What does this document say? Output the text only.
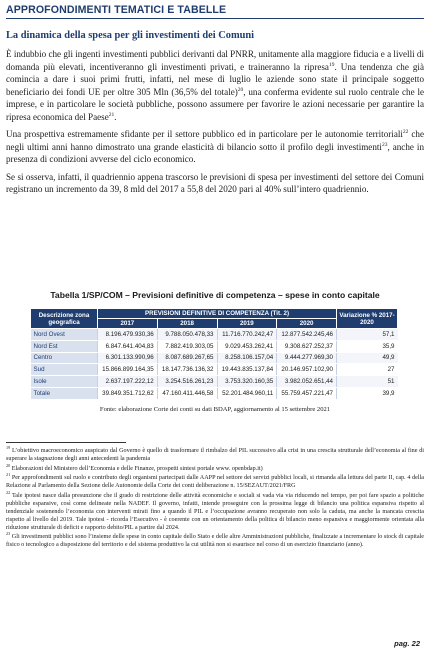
APPROFONDIMENTI TEMATICI E TABELLE
La dinamica della spesa per gli investimenti dei Comuni

È indubbio che gli ingenti investimenti pubblici derivanti dal PNRR, unitamente alla maggiore fiducia e a livelli di domanda più elevati, incentiveranno gli investimenti privati, e traineranno la ripresa$^{19}$. Una tendenza che già comincia a dare i suoi primi frutti, infatti, nel mese di luglio le aziende sono state il principale soggetto beneficiario dei fondi UE per oltre 305 Mln (36,5% del totale)$^{20}$, una conferma evidente sul ruolo centrale che le imprese, e in particolare le società pubbliche, possono assumere per favorire le azioni necessarie per garantire la ripresa economica del Paese$^{21}$.

Una prospettiva estremamente sfidante per il settore pubblico ed in particolare per le autonomie territoriali$^{22}$ che negli ultimi anni hanno dimostrato una grande elasticità di bilancio sotto il profilo degli investimenti$^{23}$, anche in presenza di condizioni avverse del ciclo economico.

Se si osserva, infatti, il quadriennio appena trascorso le previsioni di spesa per investimenti del settore dei Comuni registrano un incremento da 39, 8 mld del 2017 a 55,8 del 2020 pari al 40% sull’intero quadriennio.

Tabella 1/SP/COM – Previsioni definitive di competenza – spese in conto capitale
Descrizione zona geografica	PREVISIONI DEFINITIVE DI COMPETENZA (Tit. 2)				Variazione % 2017-2020
	2017	2018	2019	2020	
Nord Ovest	8.196.479.930,36	9.788.050.478,33	11.716.770.242,47	12.877.542.245,46	57,1
Nord Est	6.847.641.404,83	7.882.419.303,05	9.029.453.262,41	9.308.627.252,37	35,9
Centro	6.301.133.990,96	8.087.689.267,65	8.258.106.157,04	9.444.277.969,30	49,9
Sud	15.866.899.164,35	18.147.736.136,32	19.443.835.137,84	20.146.957.102,90	27
Isole	2.637.197.222,12	3.254.516.261,23	3.753.320.160,35	3.982.052.651,44	51
Totale	39.849.351.712,62	47.160.411.446,58	52.201.484.960,11	55.759.457.221,47	39,9
Fonte: elaborazione Corte dei conti su dati BDAP, aggiornamento al 15 settembre 2021

$^{19}$ L’obiettivo macroeconomico auspicato dal Governo è quello di trasformare il rimbalzo del PIL successivo alla crisi in una crescita strutturale dell’economia al fine di superare la stagnazione degli anni antecedenti la pandemia

$^{20}$ Elaborazioni del Ministero dell’Economia e delle Finanze, prospetti sintesi portale www. openbdap.it)

$^{21}$ Per approfondimenti sul ruolo e contributo degli organismi partecipati dalle AAPP nel settore dei servizi pubblici locali, si rimanda alla lettura del parte II, cap. 4 della Relazione al Parlamento della Sezione delle Autonomie della Corte dei conti deliberazione n. 15/SEZAUT/2021/FRG

$^{22}$ Tale ipotesi nasce dalla presunzione che il grado di restrizione delle attività economiche e sociali si vada via via riducendo nel tempo, per poi fare spazio a politiche pubbliche espansive, così come delineate nella NADEF. Il governo, infatti, intende proseguire con la prossima legge di bilancio una politica espansiva rispetto al tendenziale sostenendo l’economia con interventi mirati fino a quando il PIL e l’occupazione avranno recuperato non solo la caduta, ma anche la mancata crescita rispetto al livello del 2019. Tale ipotesi - ricorda l’Esecutivo - è coerente con un orientamento della politica di bilancio meno espansiva e maggiormente orientata alla riduzione strutturale di deficit e rapporto debito/PIL a partire dal 2024.

$^{23}$ Gli investimenti pubblici sono l’insieme delle spese in conto capitale dello Stato e delle altre Amministrazioni pubbliche, finalizzate a incrementare lo stock di capitale fisico o tecnologico a disposizione del territorio e del sistema produttivo la cui utilità non si esaurisce nel corso di un esercizio finanziario (anno).

pag. 22
